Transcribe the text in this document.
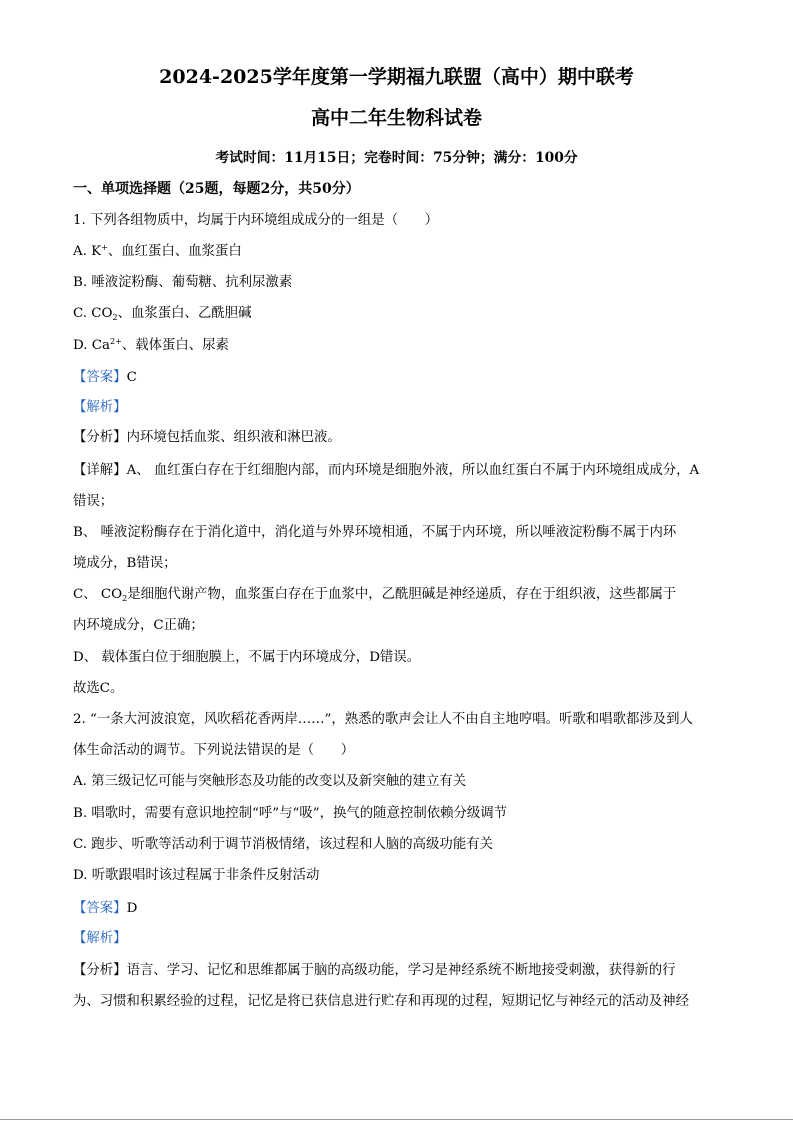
2024-2025学年度第一学期福九联盟（高中）期中联考
高中二年生物科试卷
考试时间：11月15日；完卷时间：75分钟；满分：100分
一、单项选择题（25题，每题2分，共50分）
1. 下列各组物质中，均属于内环境组成成分的一组是（　　）
A. K+、血红蛋白、血浆蛋白
B. 唾液淀粉酶、葡萄糖、抗利尿激素
C. $CO_2$、血浆蛋白、乙酰胆碱
D. $Ca^{2+}$、载体蛋白、尿素
【答案】C
【解析】
【分析】内环境包括血浆、组织液和淋巴液。
【详解】A、 血红蛋白存在于红细胞内部，而内环境是细胞外液，所以血红蛋白不属于内环境组成成分，A
错误；
B、 唾液淀粉酶存在于消化道中，消化道与外界环境相通，不属于内环境，所以唾液淀粉酶不属于内环
境成分，B错误；
C、 $CO_2$是细胞代谢产物，血浆蛋白存在于血浆中，乙酰胆碱是神经递质，存在于组织液，这些都属于
内环境成分，C正确；
D、 载体蛋白位于细胞膜上，不属于内环境成分，D错误。
故选C。
2. “一条大河波浪宽，风吹稻花香两岸……”，熟悉的歌声会让人不由自主地哼唱。听歌和唱歌都涉及到人
体生命活动的调节。下列说法错误的是（　　）
A. 第三级记忆可能与突触形态及功能的改变以及新突触的建立有关
B. 唱歌时，需要有意识地控制“呼”与“吸”，换气的随意控制依赖分级调节
C. 跑步、听歌等活动利于调节消极情绪，该过程和人脑的高级功能有关
D. 听歌跟唱时该过程属于非条件反射活动
【答案】D
【解析】
【分析】语言、学习、记忆和思维都属于脑的高级功能，学习是神经系统不断地接受刺激，获得新的行
为、习惯和积累经验的过程，记忆是将已获信息进行贮存和再现的过程，短期记忆与神经元的活动及神经
